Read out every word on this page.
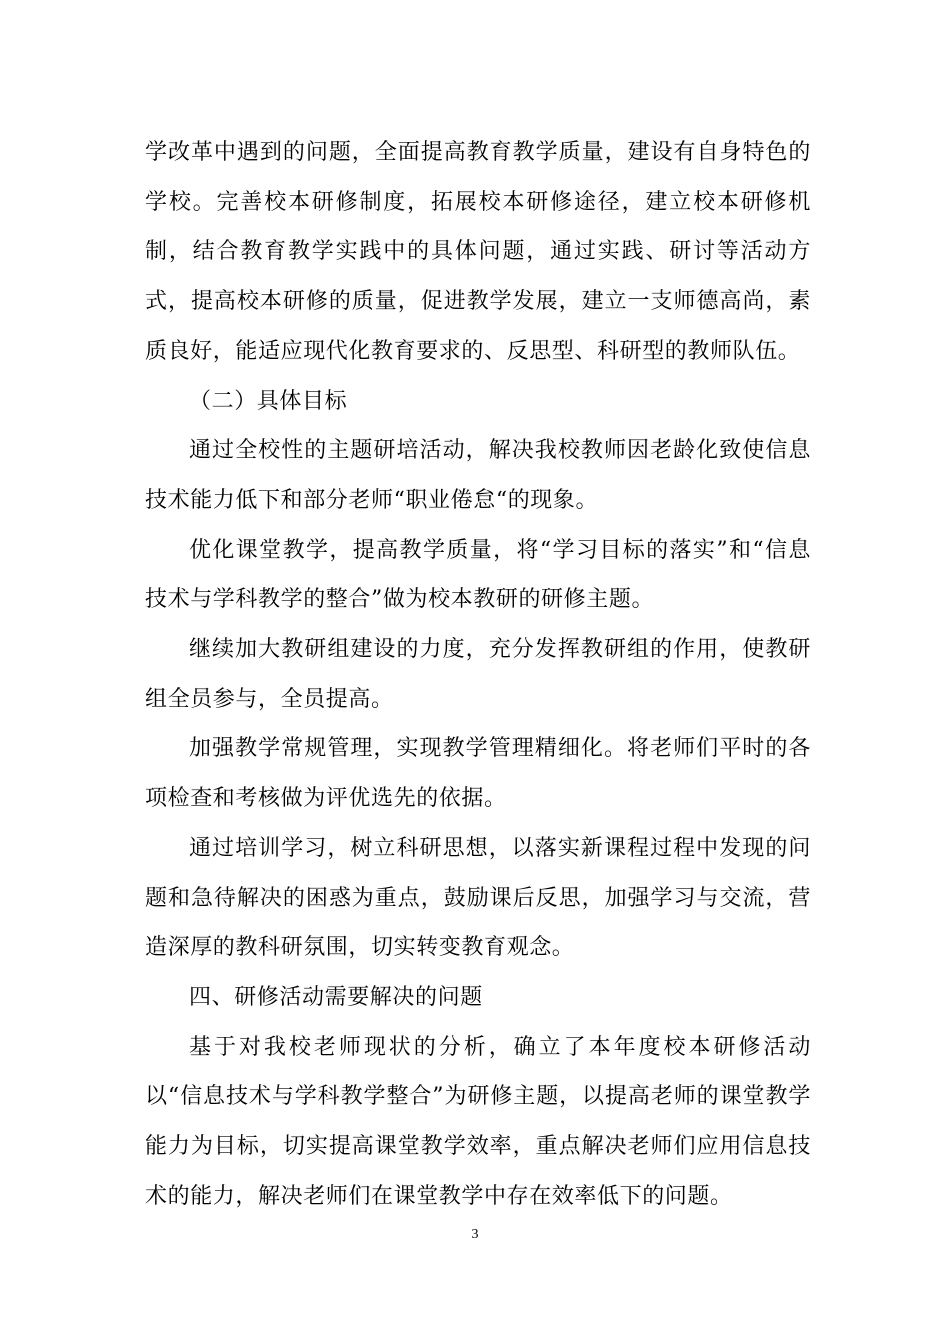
学改革中遇到的问题，全面提高教育教学质量，建设有自身特色的学校。完善校本研修制度，拓展校本研修途径，建立校本研修机制，结合教育教学实践中的具体问题，通过实践、研讨等活动方式，提高校本研修的质量，促进教学发展，建立一支师德高尚，素质良好，能适应现代化教育要求的、反思型、科研型的教师队伍。

（二）具体目标

通过全校性的主题研培活动，解决我校教师因老龄化致使信息技术能力低下和部分老师“职业倦怠“的现象。

优化课堂教学，提高教学质量，将“学习目标的落实”和“信息技术与学科教学的整合”做为校本教研的研修主题。

继续加大教研组建设的力度，充分发挥教研组的作用，使教研组全员参与，全员提高。

加强教学常规管理，实现教学管理精细化。将老师们平时的各项检查和考核做为评优选先的依据。

通过培训学习，树立科研思想，以落实新课程过程中发现的问题和急待解决的困惑为重点，鼓励课后反思，加强学习与交流，营造深厚的教科研氛围，切实转变教育观念。

四、研修活动需要解决的问题

基于对我校老师现状的分析，确立了本年度校本研修活动以“信息技术与学科教学整合”为研修主题，以提高老师的课堂教学能力为目标，切实提高课堂教学效率，重点解决老师们应用信息技术的能力，解决老师们在课堂教学中存在效率低下的问题。

3
